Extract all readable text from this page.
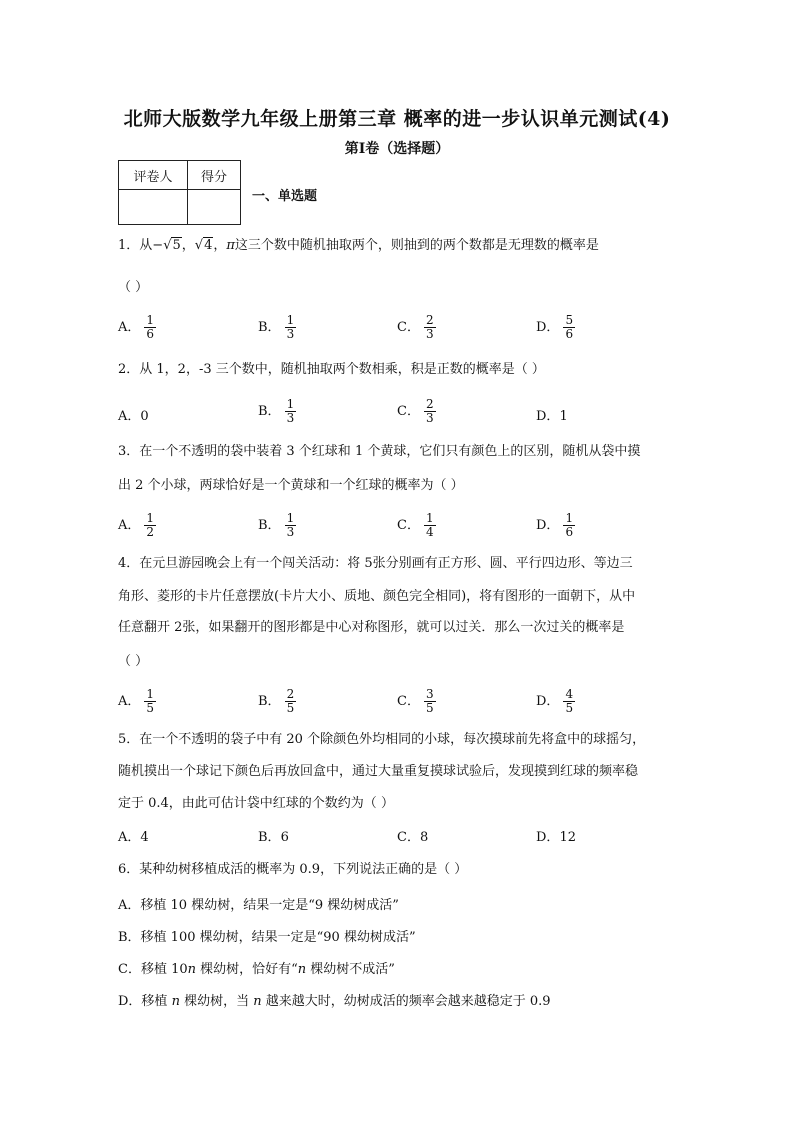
北师大版数学九年级上册第三章 概率的进一步认识单元测试(4)
第Ⅰ卷（选择题）
评卷人	得分

一、单选题
1．从−√5，√4，π这三个数中随机抽取两个，则抽到的两个数都是无理数的概率是
（ ）
A． $\frac{1}{6}$	B． $\frac{1}{3}$	C． $\frac{2}{3}$	D． $\frac{5}{6}$
2．从 1，2，-3 三个数中，随机抽取两个数相乘，积是正数的概率是（ ）
A．0	B． $\frac{1}{3}$	C． $\frac{2}{3}$	D．1
3．在一个不透明的袋中装着 3 个红球和 1 个黄球，它们只有颜色上的区别，随机从袋中摸
出 2 个小球，两球恰好是一个黄球和一个红球的概率为（ ）
A． $\frac{1}{2}$	B． $\frac{1}{3}$	C． $\frac{1}{4}$	D． $\frac{1}{6}$
4．在元旦游园晚会上有一个闯关活动：将 5张分别画有正方形、圆、平行四边形、等边三
角形、菱形的卡片任意摆放(卡片大小、质地、颜色完全相同)，将有图形的一面朝下，从中
任意翻开 2张，如果翻开的图形都是中心对称图形，就可以过关．那么一次过关的概率是
（ ）
A． $\frac{1}{5}$	B． $\frac{2}{5}$	C． $\frac{3}{5}$	D． $\frac{4}{5}$
5．在一个不透明的袋子中有 20 个除颜色外均相同的小球，每次摸球前先将盒中的球摇匀，
随机摸出一个球记下颜色后再放回盒中，通过大量重复摸球试验后，发现摸到红球的频率稳
定于 0.4，由此可估计袋中红球的个数约为（ ）
A．4	B．6	C．8	D．12
6．某种幼树移植成活的概率为 0.9，下列说法正确的是（ ）
A．移植 10 棵幼树，结果一定是“9 棵幼树成活”
B．移植 100 棵幼树，结果一定是“90 棵幼树成活”
C．移植 10n 棵幼树，恰好有“n 棵幼树不成活”
D．移植 n 棵幼树，当 n 越来越大时，幼树成活的频率会越来越稳定于 0.9
